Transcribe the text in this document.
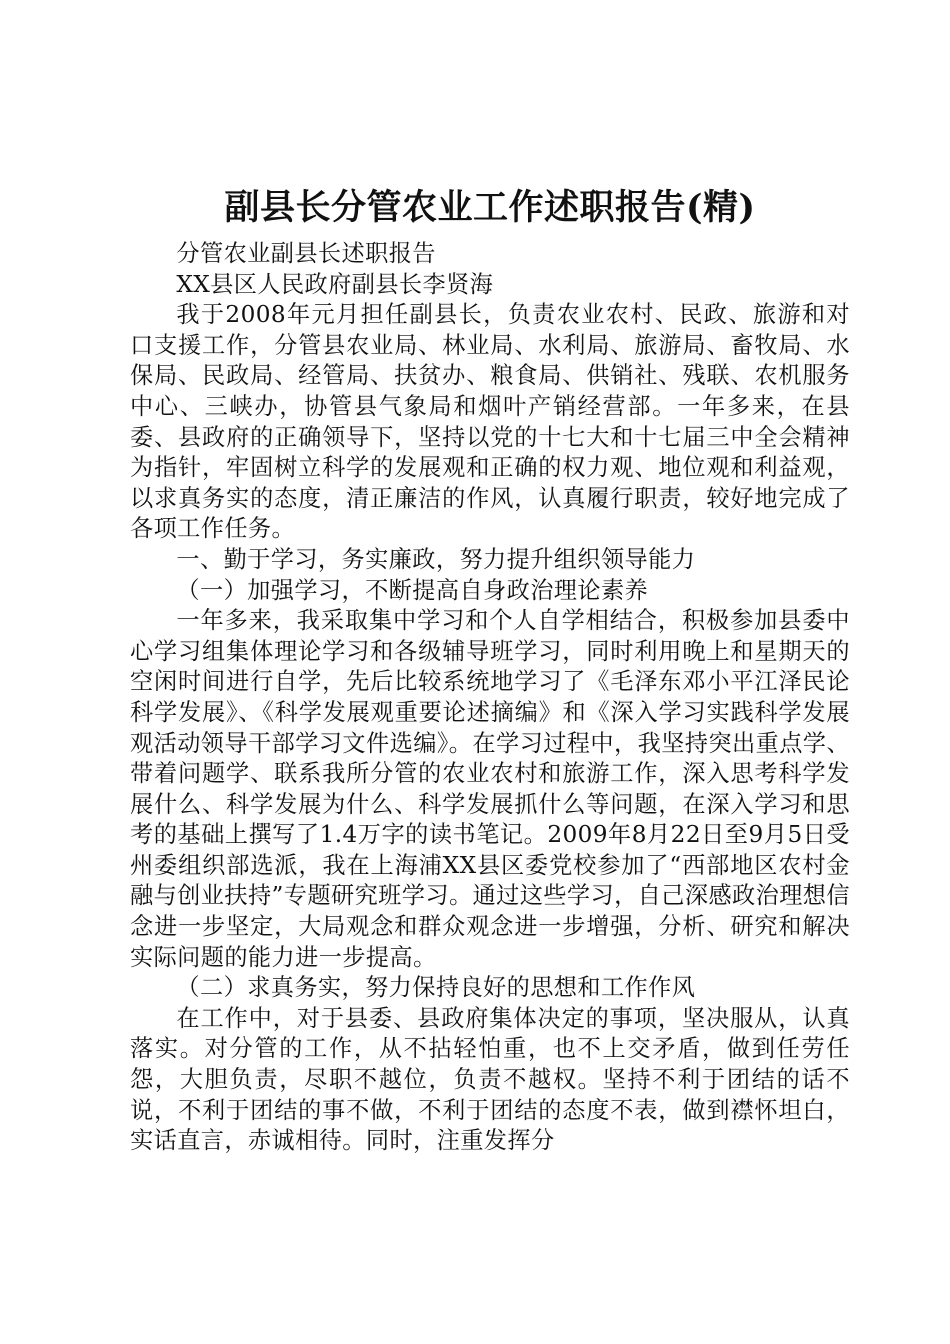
副县长分管农业工作述职报告(精)

分管农业副县长述职报告

XX县区人民政府副县长李贤海

我于2008年元月担任副县长，负责农业农村、民政、旅游和对口支援工作，分管县农业局、林业局、水利局、旅游局、畜牧局、水保局、民政局、经管局、扶贫办、粮食局、供销社、残联、农机服务中心、三峡办，协管县气象局和烟叶产销经营部。一年多来，在县委、县政府的正确领导下，坚持以党的十七大和十七届三中全会精神为指针，牢固树立科学的发展观和正确的权力观、地位观和利益观，以求真务实的态度，清正廉洁的作风，认真履行职责，较好地完成了各项工作任务。

一、勤于学习，务实廉政，努力提升组织领导能力

（一）加强学习，不断提高自身政治理论素养

一年多来，我采取集中学习和个人自学相结合，积极参加县委中心学习组集体理论学习和各级辅导班学习，同时利用晚上和星期天的空闲时间进行自学，先后比较系统地学习了《毛泽东邓小平江泽民论科学发展》、《科学发展观重要论述摘编》和《深入学习实践科学发展观活动领导干部学习文件选编》。在学习过程中，我坚持突出重点学、带着问题学、联系我所分管的农业农村和旅游工作，深入思考科学发展什么、科学发展为什么、科学发展抓什么等问题，在深入学习和思考的基础上撰写了1.4万字的读书笔记。2009年8月22日至9月5日受州委组织部选派，我在上海浦XX县区委党校参加了“西部地区农村金融与创业扶持”专题研究班学习。通过这些学习，自己深感政治理想信念进一步坚定，大局观念和群众观念进一步增强，分析、研究和解决实际问题的能力进一步提高。

（二）求真务实，努力保持良好的思想和工作作风

在工作中，对于县委、县政府集体决定的事项，坚决服从，认真落实。对分管的工作，从不拈轻怕重，也不上交矛盾，做到任劳任怨，大胆负责，尽职不越位，负责不越权。坚持不利于团结的话不说，不利于团结的事不做，不利于团结的态度不表，做到襟怀坦白，实话直言，赤诚相待。同时，注重发挥分
